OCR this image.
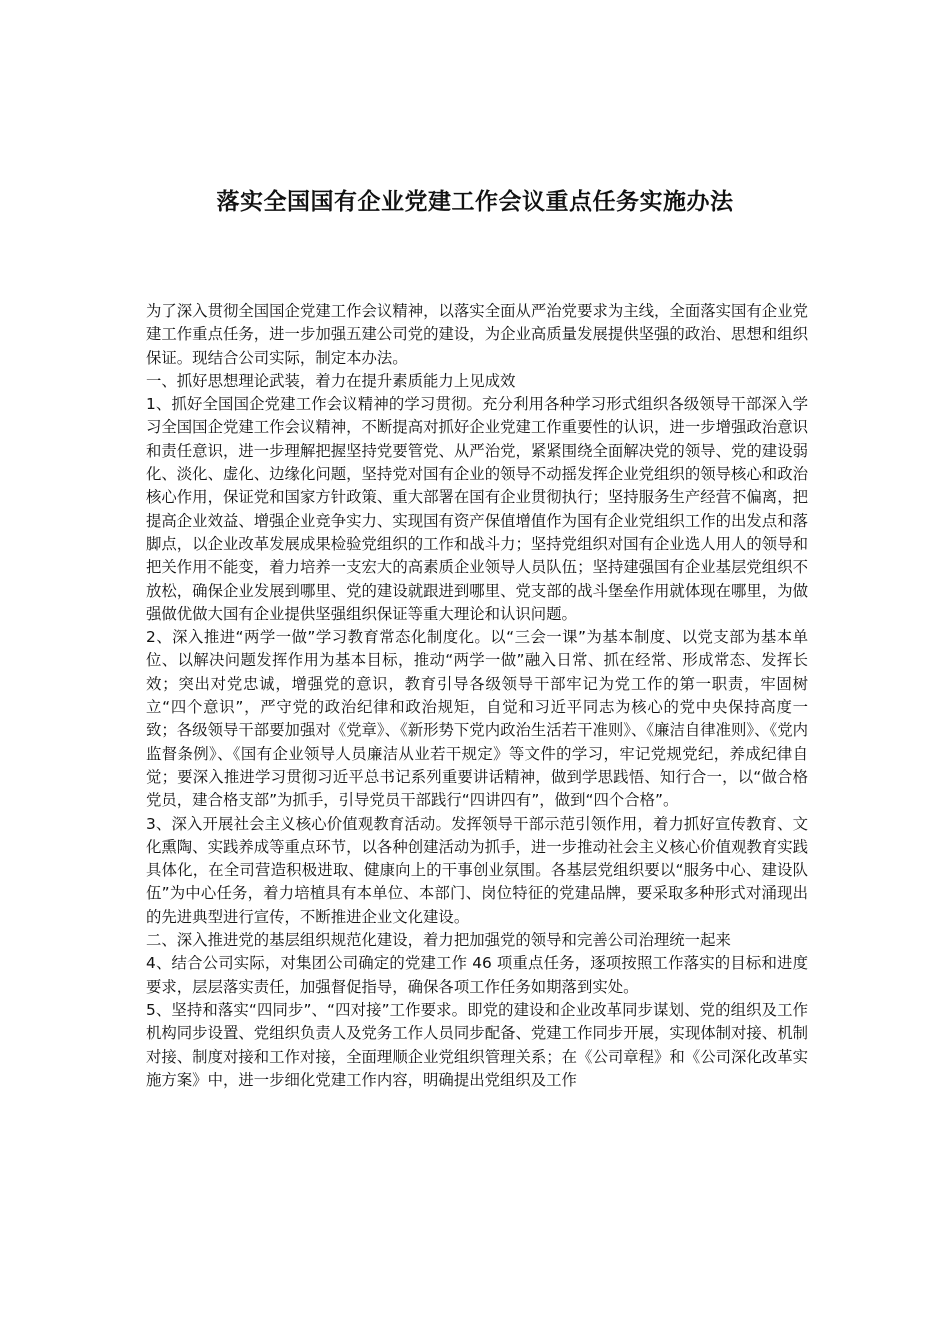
落实全国国有企业党建工作会议重点任务实施办法

为了深入贯彻全国国企党建工作会议精神，以落实全面从严治党要求为主线，全面落实国有企业党建工作重点任务，进一步加强五建公司党的建设，为企业高质量发展提供坚强的政治、思想和组织保证。现结合公司实际，制定本办法。

一、抓好思想理论武装，着力在提升素质能力上见成效

1、抓好全国国企党建工作会议精神的学习贯彻。充分利用各种学习形式组织各级领导干部深入学习全国国企党建工作会议精神，不断提高对抓好企业党建工作重要性的认识，进一步增强政治意识和责任意识，进一步理解把握坚持党要管党、从严治党，紧紧围绕全面解决党的领导、党的建设弱化、淡化、虚化、边缘化问题，坚持党对国有企业的领导不动摇发挥企业党组织的领导核心和政治核心作用，保证党和国家方针政策、重大部署在国有企业贯彻执行；坚持服务生产经营不偏离，把提高企业效益、增强企业竞争实力、实现国有资产保值增值作为国有企业党组织工作的出发点和落脚点，以企业改革发展成果检验党组织的工作和战斗力；坚持党组织对国有企业选人用人的领导和把关作用不能变，着力培养一支宏大的高素质企业领导人员队伍；坚持建强国有企业基层党组织不放松，确保企业发展到哪里、党的建设就跟进到哪里、党支部的战斗堡垒作用就体现在哪里，为做强做优做大国有企业提供坚强组织保证等重大理论和认识问题。

2、深入推进“两学一做”学习教育常态化制度化。以“三会一课”为基本制度、以党支部为基本单位、以解决问题发挥作用为基本目标，推动“两学一做”融入日常、抓在经常、形成常态、发挥长效；突出对党忠诚，增强党的意识，教育引导各级领导干部牢记为党工作的第一职责，牢固树立“四个意识”，严守党的政治纪律和政治规矩，自觉和习近平同志为核心的党中央保持高度一致；各级领导干部要加强对《党章》、《新形势下党内政治生活若干准则》、《廉洁自律准则》、《党内监督条例》、《国有企业领导人员廉洁从业若干规定》等文件的学习，牢记党规党纪，养成纪律自觉；要深入推进学习贯彻习近平总书记系列重要讲话精神，做到学思践悟、知行合一，以“做合格党员，建合格支部”为抓手，引导党员干部践行“四讲四有”，做到“四个合格”。

3、深入开展社会主义核心价值观教育活动。发挥领导干部示范引领作用，着力抓好宣传教育、文化熏陶、实践养成等重点环节，以各种创建活动为抓手，进一步推动社会主义核心价值观教育实践具体化，在全司营造积极进取、健康向上的干事创业氛围。各基层党组织要以“服务中心、建设队伍”为中心任务，着力培植具有本单位、本部门、岗位特征的党建品牌，要采取多种形式对涌现出的先进典型进行宣传，不断推进企业文化建设。

二、深入推进党的基层组织规范化建设，着力把加强党的领导和完善公司治理统一起来

4、结合公司实际，对集团公司确定的党建工作 46 项重点任务，逐项按照工作落实的目标和进度要求，层层落实责任，加强督促指导，确保各项工作任务如期落到实处。

5、坚持和落实“四同步”、“四对接”工作要求。即党的建设和企业改革同步谋划、党的组织及工作机构同步设置、党组织负责人及党务工作人员同步配备、党建工作同步开展，实现体制对接、机制对接、制度对接和工作对接，全面理顺企业党组织管理关系；在《公司章程》和《公司深化改革实施方案》中，进一步细化党建工作内容，明确提出党组织及工作
